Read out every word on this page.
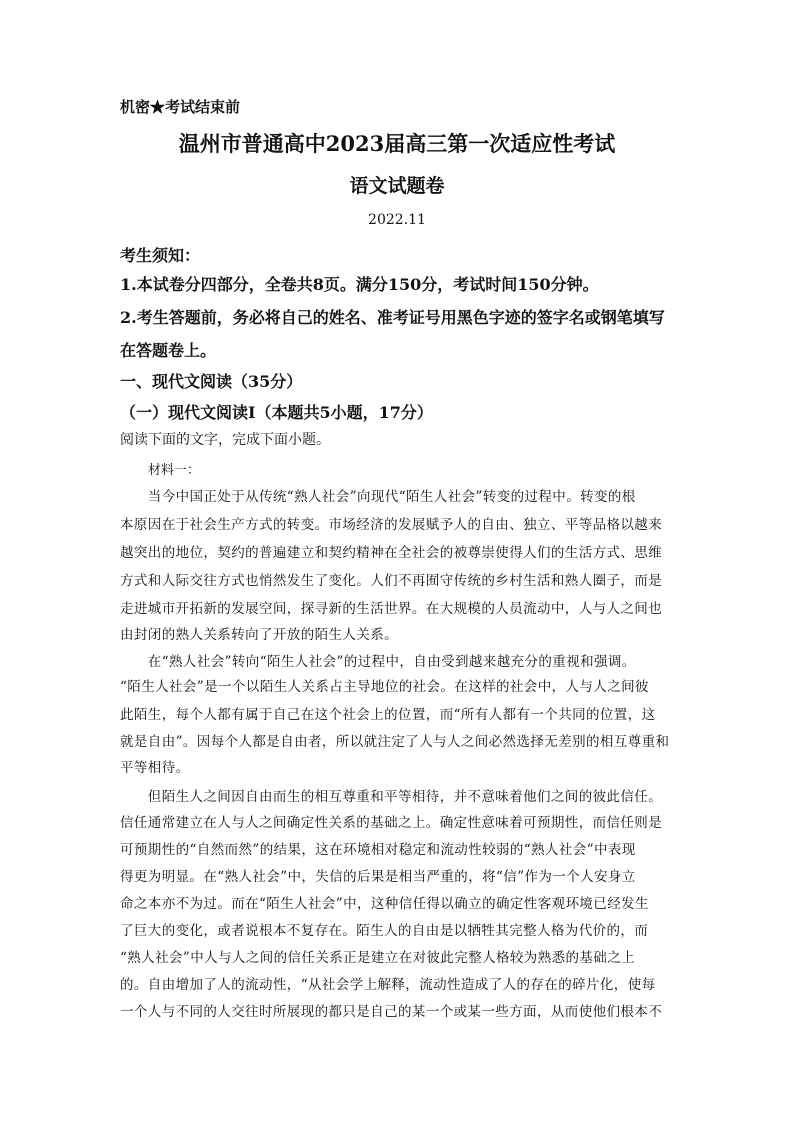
机密★考试结束前
温州市普通高中2023届高三第一次适应性考试
语文试题卷
2022.11
考生须知：
1.本试卷分四部分，全卷共8页。满分150分，考试时间150分钟。
2.考生答题前，务必将自己的姓名、准考证号用黑色字迹的签字名或钢笔填写
在答题卷上。
一、现代文阅读（35分）
（一）现代文阅读Ⅰ（本题共5小题，17分）
阅读下面的文字，完成下面小题。
材料一：
　　当今中国正处于从传统“熟人社会”向现代“陌生人社会”转变的过程中。转变的根
本原因在于社会生产方式的转变。市场经济的发展赋予人的自由、独立、平等品格以越来
越突出的地位，契约的普遍建立和契约精神在全社会的被尊崇使得人们的生活方式、思维
方式和人际交往方式也悄然发生了变化。人们不再囿守传统的乡村生活和熟人圈子，而是
走进城市开拓新的发展空间，探寻新的生活世界。在大规模的人员流动中，人与人之间也
由封闭的熟人关系转向了开放的陌生人关系。
　　在“熟人社会”转向“陌生人社会”的过程中，自由受到越来越充分的重视和强调。
“陌生人社会”是一个以陌生人关系占主导地位的社会。在这样的社会中，人与人之间彼
此陌生，每个人都有属于自己在这个社会上的位置，而“所有人都有一个共同的位置，这
就是自由”。因每个人都是自由者，所以就注定了人与人之间必然选择无差别的相互尊重和
平等相待。
　　但陌生人之间因自由而生的相互尊重和平等相待，并不意味着他们之间的彼此信任。
信任通常建立在人与人之间确定性关系的基础之上。确定性意味着可预期性，而信任则是
可预期性的“自然而然”的结果，这在环境相对稳定和流动性较弱的“熟人社会”中表现
得更为明显。在“熟人社会”中，失信的后果是相当严重的，将“信”作为一个人安身立
命之本亦不为过。而在“陌生人社会”中，这种信任得以确立的确定性客观环境已经发生
了巨大的变化，或者说根本不复存在。陌生人的自由是以牺牲其完整人格为代价的，而
“熟人社会”中人与人之间的信任关系正是建立在对彼此完整人格较为熟悉的基础之上
的。自由增加了人的流动性，“从社会学上解释，流动性造成了人的存在的碎片化，使每
一个人与不同的人交往时所展现的都只是自己的某一个或某一些方面，从而使他们根本不
